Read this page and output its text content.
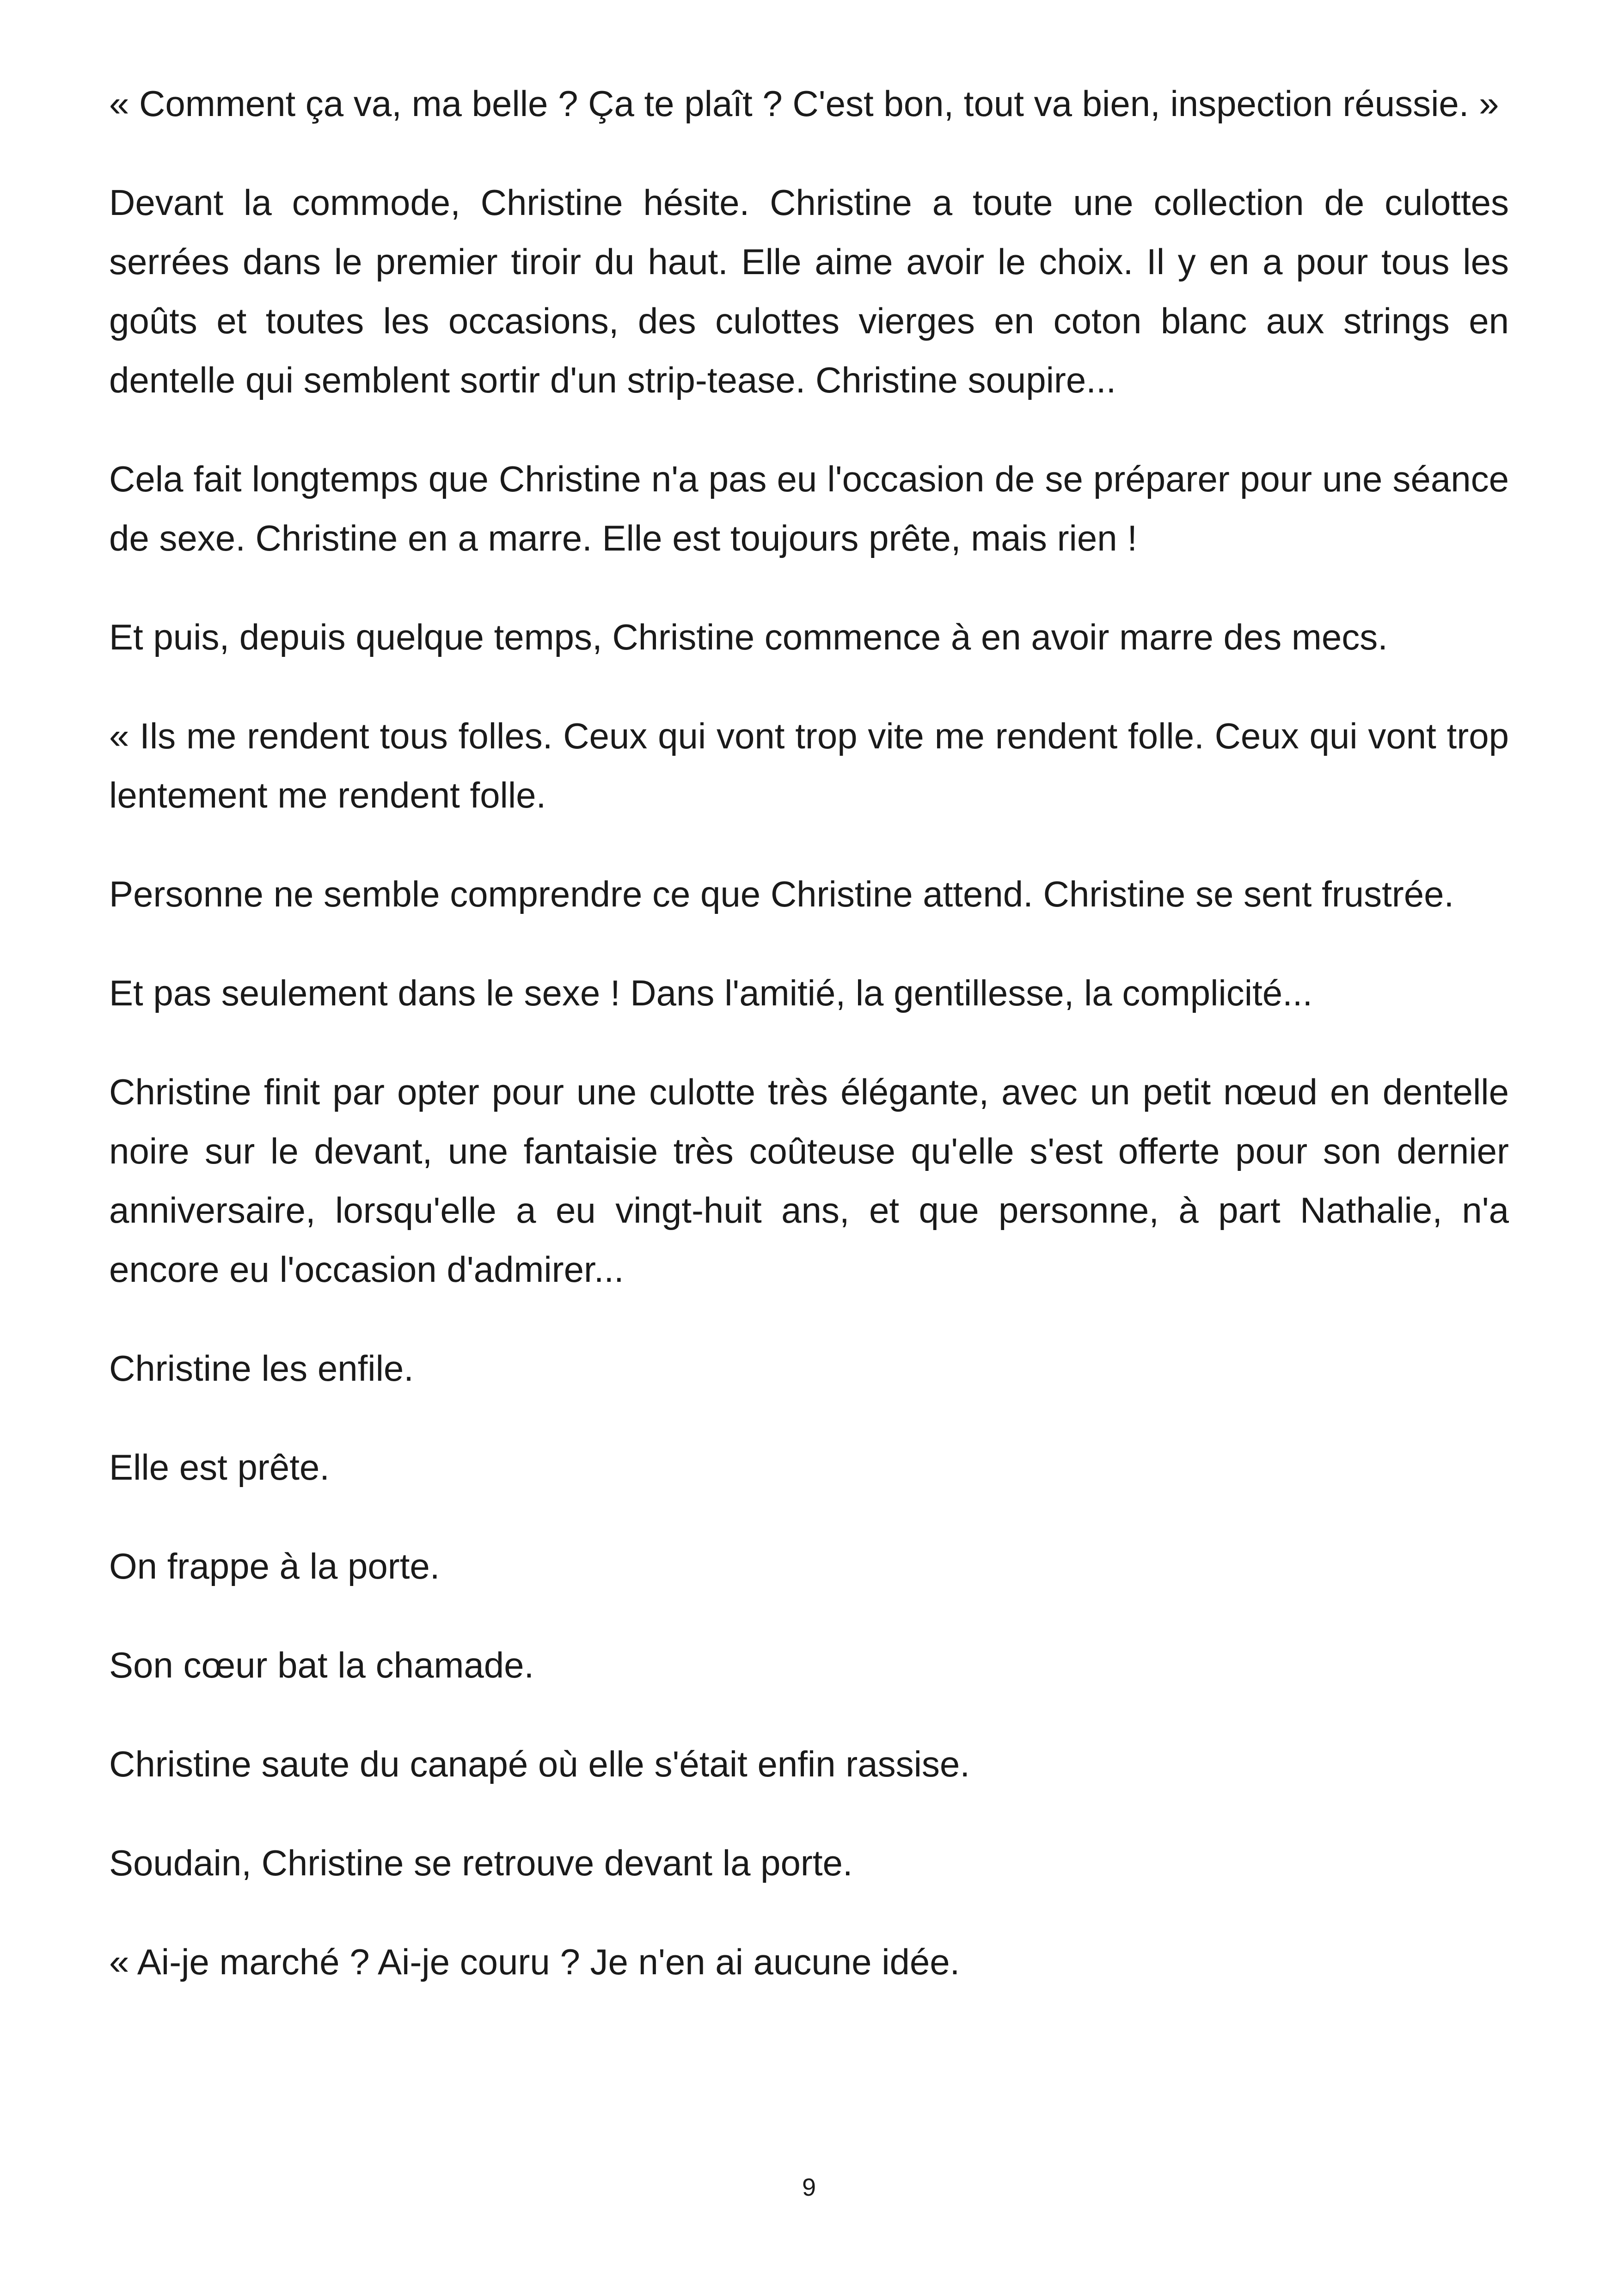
« Comment ça va, ma belle ? Ça te plaît ? C'est bon, tout va bien, inspection réussie. »

Devant la commode, Christine hésite. Christine a toute une collection de culottes serrées dans le premier tiroir du haut. Elle aime avoir le choix. Il y en a pour tous les goûts et toutes les occasions, des culottes vierges en coton blanc aux strings en dentelle qui semblent sortir d'un strip-tease. Christine soupire...

Cela fait longtemps que Christine n'a pas eu l'occasion de se préparer pour une séance de sexe. Christine en a marre. Elle est toujours prête, mais rien !

Et puis, depuis quelque temps, Christine commence à en avoir marre des mecs.

« Ils me rendent tous folles. Ceux qui vont trop vite me rendent folle. Ceux qui vont trop lentement me rendent folle.

Personne ne semble comprendre ce que Christine attend. Christine se sent frustrée.

Et pas seulement dans le sexe ! Dans l'amitié, la gentillesse, la complicité...

Christine finit par opter pour une culotte très élégante, avec un petit nœud en dentelle noire sur le devant, une fantaisie très coûteuse qu'elle s'est offerte pour son dernier anniversaire, lorsqu'elle a eu vingt-huit ans, et que personne, à part Nathalie, n'a encore eu l'occasion d'admirer...

Christine les enfile.

Elle est prête.

On frappe à la porte.

Son cœur bat la chamade.

Christine saute du canapé où elle s'était enfin rassise.

Soudain, Christine se retrouve devant la porte.

« Ai-je marché ? Ai-je couru ? Je n'en ai aucune idée.

9
